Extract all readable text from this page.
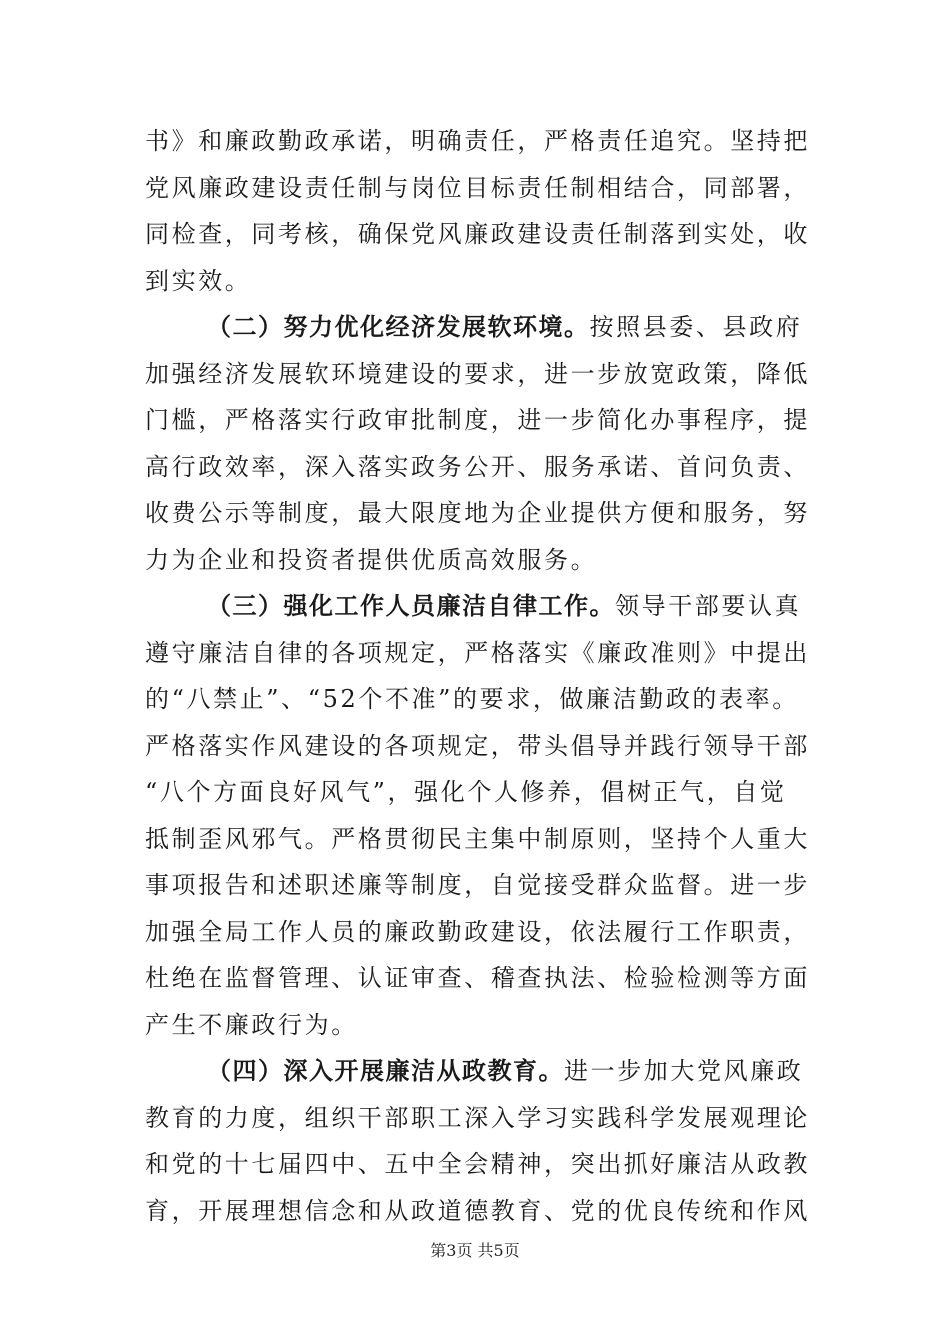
书》和廉政勤政承诺，明确责任，严格责任追究。坚持把
党风廉政建设责任制与岗位目标责任制相结合，同部署，
同检查，同考核，确保党风廉政建设责任制落到实处，收
到实效。
（二）努力优化经济发展软环境。按照县委、县政府
加强经济发展软环境建设的要求，进一步放宽政策，降低
门槛，严格落实行政审批制度，进一步简化办事程序，提
高行政效率，深入落实政务公开、服务承诺、首问负责、
收费公示等制度，最大限度地为企业提供方便和服务，努
力为企业和投资者提供优质高效服务。
（三）强化工作人员廉洁自律工作。领导干部要认真
遵守廉洁自律的各项规定，严格落实《廉政准则》中提出
的“八禁止”、“52个不准”的要求，做廉洁勤政的表率。
严格落实作风建设的各项规定，带头倡导并践行领导干部
“八个方面良好风气”，强化个人修养，倡树正气，自觉
抵制歪风邪气。严格贯彻民主集中制原则，坚持个人重大
事项报告和述职述廉等制度，自觉接受群众监督。进一步
加强全局工作人员的廉政勤政建设，依法履行工作职责，
杜绝在监督管理、认证审查、稽查执法、检验检测等方面
产生不廉政行为。
（四）深入开展廉洁从政教育。进一步加大党风廉政
教育的力度，组织干部职工深入学习实践科学发展观理论
和党的十七届四中、五中全会精神，突出抓好廉洁从政教
育，开展理想信念和从政道德教育、党的优良传统和作风
第3页 共5页
